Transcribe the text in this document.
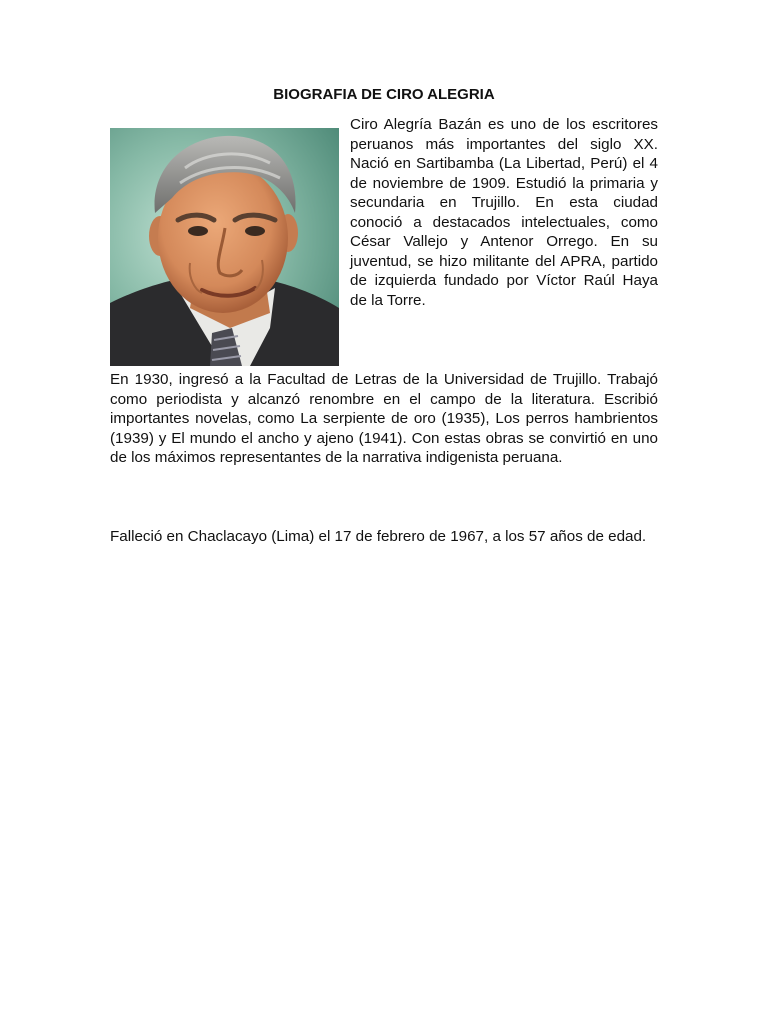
BIOGRAFIA DE CIRO ALEGRIA

Ciro Alegría Bazán es uno de los escritores peruanos más importantes del siglo XX. Nació en Sartibamba (La Libertad, Perú) el 4 de noviembre de 1909. Estudió la primaria y secundaria en Trujillo. En esta ciudad conoció a destacados intelectuales, como César Vallejo y Antenor Orrego. En su juventud, se hizo militante del APRA, partido de izquierda fundado por Víctor Raúl Haya de la Torre.

En 1930, ingresó a la Facultad de Letras de la Universidad de Trujillo. Trabajó como periodista y alcanzó renombre en el campo de la literatura. Escribió importantes novelas, como La serpiente de oro (1935), Los perros hambrientos (1939) y El mundo el ancho y ajeno (1941). Con estas obras se convirtió en uno de los máximos representantes de la narrativa indigenista peruana.

Falleció en Chaclacayo (Lima) el 17 de febrero de 1967, a los 57 años de edad.
